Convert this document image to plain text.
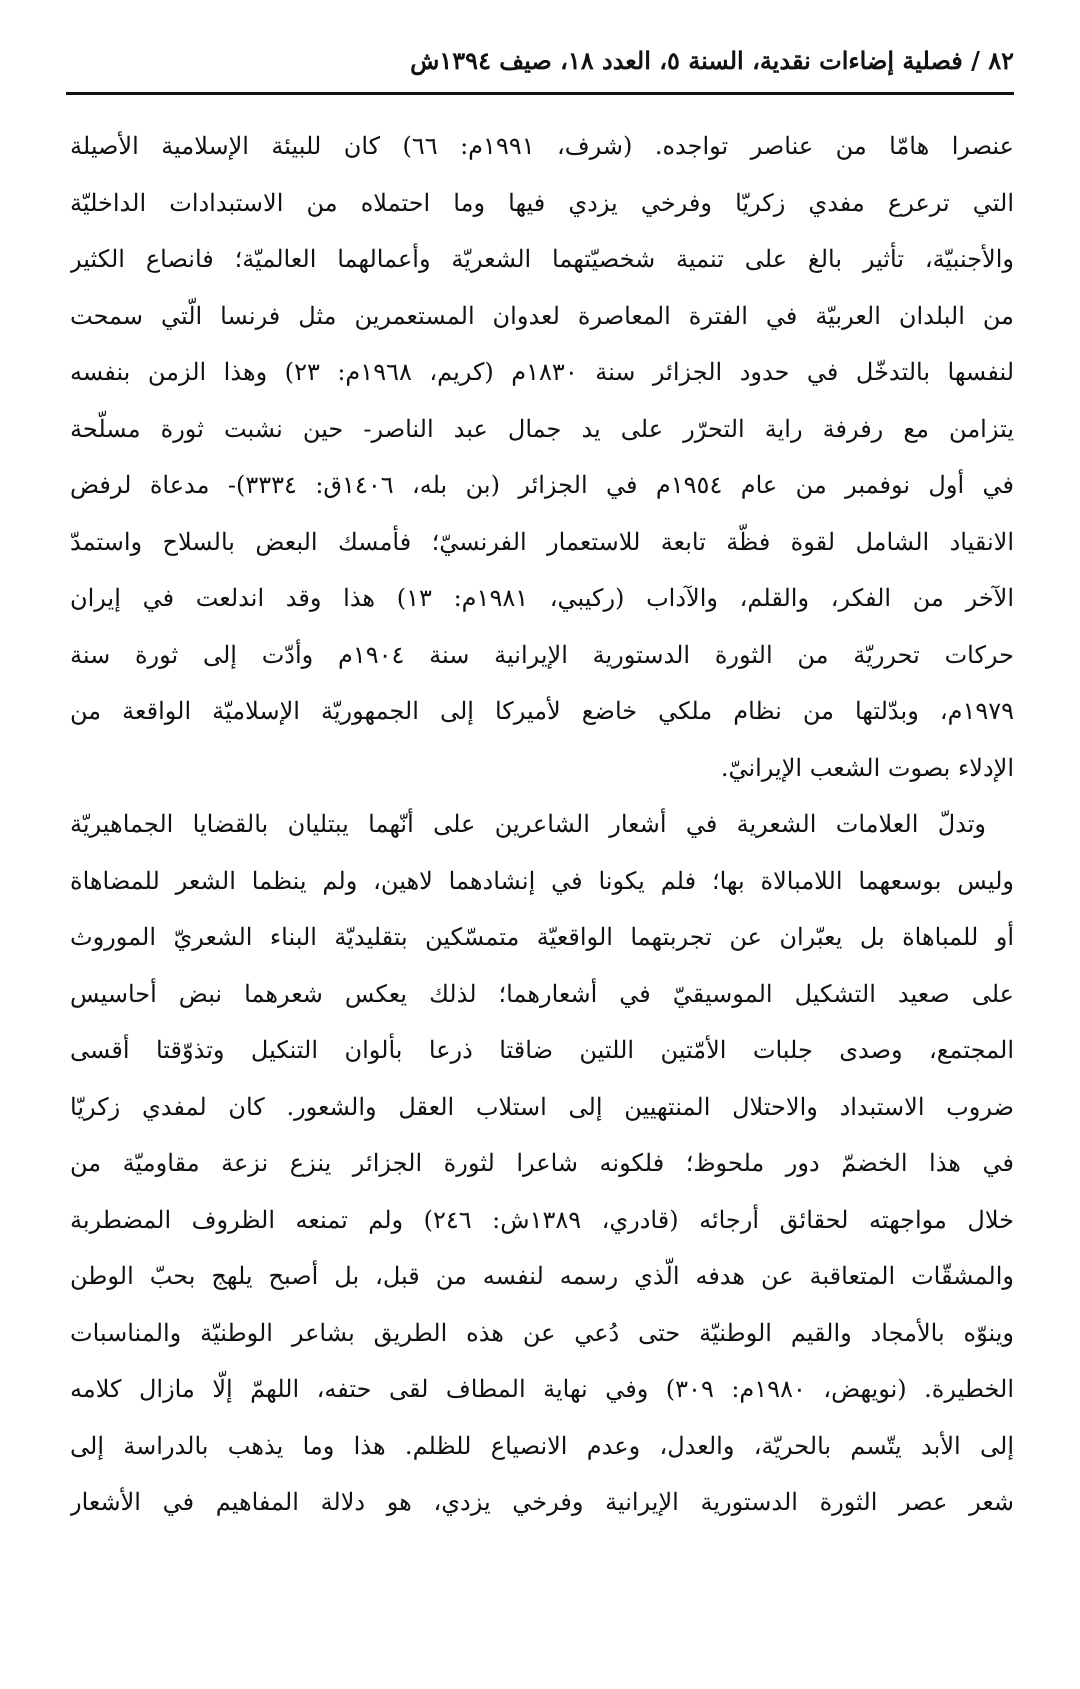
٨٢ / فصلية إضاءات نقدية، السنة ٥، العدد ١٨، صيف ١٣٩٤ش
عنصرا هامّا من عناصر تواجده. (شرف، ١٩٩١م: ٦٦) كان للبيئة الإسلامية الأصيلة
التي ترعرع مفدي زكريّا وفرخي يزدي فيها وما احتملاه من الاستبدادات الداخليّة
والأجنبيّة، تأثير بالغ على تنمية شخصيّتهما الشعريّة وأعمالهما العالميّة؛ فانصاع الكثير
من البلدان العربيّة في الفترة المعاصرة لعدوان المستعمرين مثل فرنسا الّتي سمحت
لنفسها بالتدخّل في حدود الجزائر سنة ١٨٣٠م (كريم، ١٩٦٨م: ٢٣) وهذا الزمن بنفسه
يتزامن مع رفرفة راية التحرّر على يد جمال عبد الناصر- حين نشبت ثورة مسلّحة
في أول نوفمبر من عام ١٩٥٤م في الجزائر (بن بله، ١٤٠٦ق: ٣٣٣٤)- مدعاة لرفض
الانقياد الشامل لقوة فظّة تابعة للاستعمار الفرنسيّ؛ فأمسك البعض بالسلاح واستمدّ
الآخر من الفكر، والقلم، والآداب (ركيبي، ١٩٨١م: ١٣) هذا وقد اندلعت في إيران
حركات تحرريّة من الثورة الدستورية الإيرانية سنة ١٩٠٤م وأدّت إلى ثورة سنة
١٩٧٩م، وبدّلتها من نظام ملكي خاضع لأميركا إلى الجمهوريّة الإسلاميّة الواقعة من
الإدلاء بصوت الشعب الإيرانيّ.
وتدلّ العلامات الشعرية في أشعار الشاعرين على أنّهما يبتليان بالقضايا الجماهيريّة
وليس بوسعهما اللامبالاة بها؛ فلم يكونا في إنشادهما لاهين، ولم ينظما الشعر للمضاهاة
أو للمباهاة بل يعبّران عن تجربتهما الواقعيّة متمسّكين بتقليديّة البناء الشعريّ الموروث
على صعيد التشكيل الموسيقيّ في أشعارهما؛ لذلك يعكس شعرهما نبض أحاسيس
المجتمع، وصدى جلبات الأمّتين اللتين ضاقتا ذرعا بألوان التنكيل وتذوّقتا أقسى
ضروب الاستبداد والاحتلال المنتهيين إلى استلاب العقل والشعور. كان لمفدي زكريّا
في هذا الخضمّ دور ملحوظ؛ فلكونه شاعرا لثورة الجزائر ينزع نزعة مقاوميّة من
خلال مواجهته لحقائق أرجائه (قادري، ١٣٨٩ش: ٢٤٦) ولم تمنعه الظروف المضطربة
والمشقّات المتعاقبة عن هدفه الّذي رسمه لنفسه من قبل، بل أصبح يلهج بحبّ الوطن
وينوّه بالأمجاد والقيم الوطنيّة حتى دُعي عن هذه الطريق بشاعر الوطنيّة والمناسبات
الخطيرة. (نويهض، ١٩٨٠م: ٣٠٩) وفي نهاية المطاف لقى حتفه، اللهمّ إلّا مازال كلامه
إلى الأبد يتّسم بالحريّة، والعدل، وعدم الانصياع للظلم. هذا وما يذهب بالدراسة إلى
شعر عصر الثورة الدستورية الإيرانية وفرخي يزدي، هو دلالة المفاهيم في الأشعار
